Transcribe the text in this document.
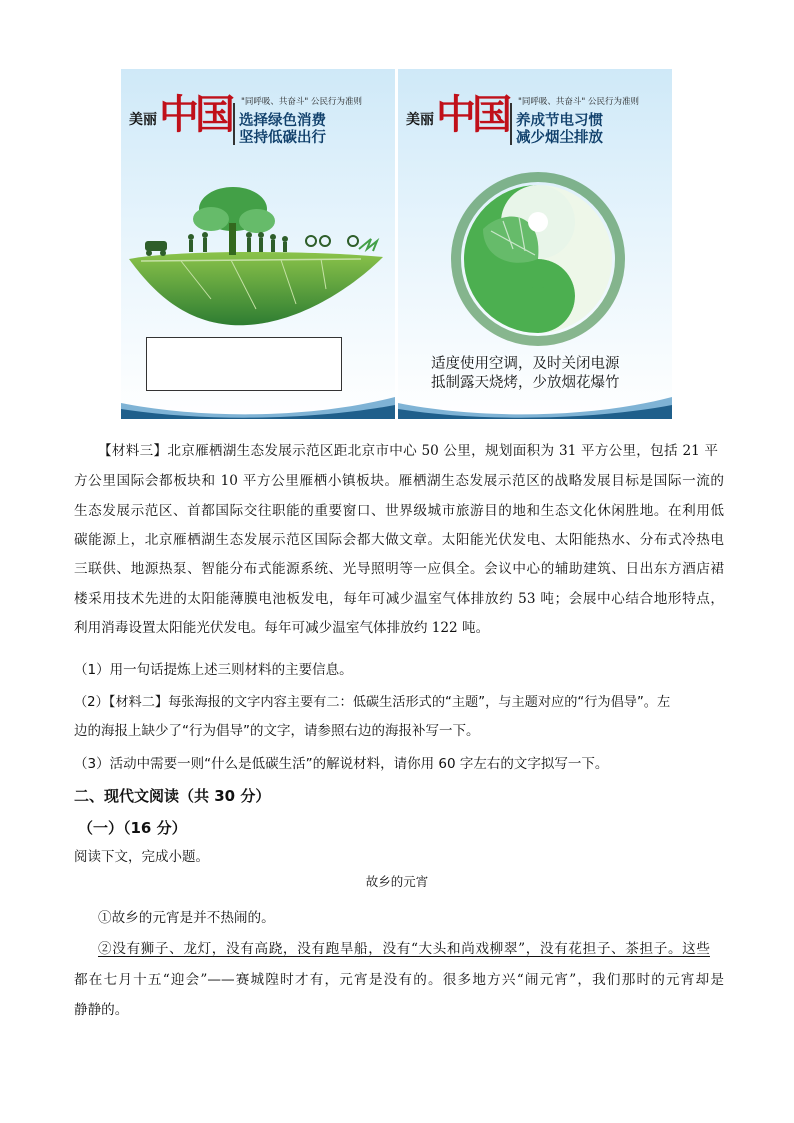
美丽 中国 "同呼吸、共奋斗" 公民行为准则
选择绿色消费
坚持低碳出行
美丽 中国 "同呼吸、共奋斗" 公民行为准则
养成节电习惯
减少烟尘排放
适度使用空调，及时关闭电源
抵制露天烧烤，少放烟花爆竹
【材料三】北京雁栖湖生态发展示范区距北京市中心 50 公里，规划面积为 31 平方公里，包括 21 平
方公里国际会都板块和 10 平方公里雁栖小镇板块。雁栖湖生态发展示范区的战略发展目标是国际一流的
生态发展示范区、首都国际交往职能的重要窗口、世界级城市旅游目的地和生态文化休闲胜地。在利用低
碳能源上，北京雁栖湖生态发展示范区国际会都大做文章。太阳能光伏发电、太阳能热水、分布式冷热电
三联供、地源热泵、智能分布式能源系统、光导照明等一应俱全。会议中心的辅助建筑、日出东方酒店裙
楼采用技术先进的太阳能薄膜电池板发电，每年可减少温室气体排放约 53 吨；会展中心结合地形特点，
利用消毒设置太阳能光伏发电。每年可减少温室气体排放约 122 吨。
（1）用一句话提炼上述三则材料的主要信息。
（2）【材料二】每张海报的文字内容主要有二：低碳生活形式的“主题”，与主题对应的“行为倡导”。左
边的海报上缺少了“行为倡导”的文字，请参照右边的海报补写一下。
（3）活动中需要一则“什么是低碳生活”的解说材料，请你用 60 字左右的文字拟写一下。
二、现代文阅读（共 30 分）
（一）（16 分）
阅读下文，完成小题。
故乡的元宵
①故乡的元宵是并不热闹的。
②没有狮子、龙灯，没有高跷，没有跑旱船，没有“大头和尚戏柳翠”，没有花担子、茶担子。这些
都在七月十五“迎会”——赛城隍时才有，元宵是没有的。很多地方兴“闹元宵”，我们那时的元宵却是
静静的。
